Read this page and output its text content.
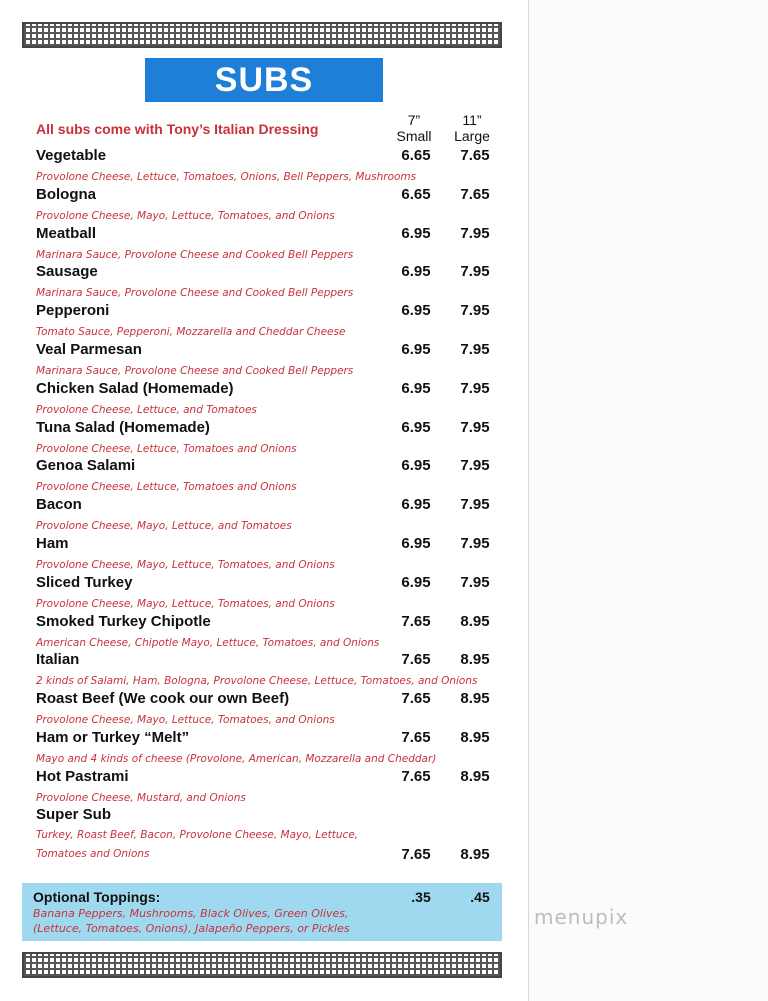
SUBS
All subs come with Tony’s Italian Dressing
7”
Small
11”
Large
Vegetable	6.65	7.65
Provolone Cheese, Lettuce, Tomatoes, Onions, Bell Peppers, Mushrooms
Bologna	6.65	7.65
Provolone Cheese, Mayo, Lettuce, Tomatoes, and Onions
Meatball	6.95	7.95
Marinara Sauce, Provolone Cheese and Cooked Bell Peppers
Sausage	6.95	7.95
Marinara Sauce, Provolone Cheese and Cooked Bell Peppers
Pepperoni	6.95	7.95
Tomato Sauce, Pepperoni, Mozzarella and Cheddar Cheese
Veal Parmesan	6.95	7.95
Marinara Sauce, Provolone Cheese and Cooked Bell Peppers
Chicken Salad (Homemade)	6.95	7.95
Provolone Cheese, Lettuce, and Tomatoes
Tuna Salad (Homemade)	6.95	7.95
Provolone Cheese, Lettuce, Tomatoes and Onions
Genoa Salami	6.95	7.95
Provolone Cheese, Lettuce, Tomatoes and Onions
Bacon	6.95	7.95
Provolone Cheese, Mayo, Lettuce, and Tomatoes
Ham	6.95	7.95
Provolone Cheese, Mayo, Lettuce, Tomatoes, and Onions
Sliced Turkey	6.95	7.95
Provolone Cheese, Mayo, Lettuce, Tomatoes, and Onions
Smoked Turkey Chipotle	7.65	8.95
American Cheese, Chipotle Mayo, Lettuce, Tomatoes, and Onions
Italian	7.65	8.95
2 kinds of Salami, Ham, Bologna, Provolone Cheese, Lettuce, Tomatoes, and Onions
Roast Beef (We cook our own Beef)	7.65	8.95
Provolone Cheese, Mayo, Lettuce, Tomatoes, and Onions
Ham or Turkey “Melt”	7.65	8.95
Mayo and 4 kinds of cheese (Provolone, American, Mozzarella and Cheddar)
Hot Pastrami	7.65	8.95
Provolone Cheese, Mustard, and Onions
Super Sub
Turkey, Roast Beef, Bacon, Provolone Cheese, Mayo, Lettuce,
Tomatoes and Onions	7.65	8.95
Optional Toppings:	.35	.45
Banana Peppers, Mushrooms, Black Olives, Green Olives,
(Lettuce, Tomatoes, Onions), Jalapeño Peppers, or Pickles	menupix
